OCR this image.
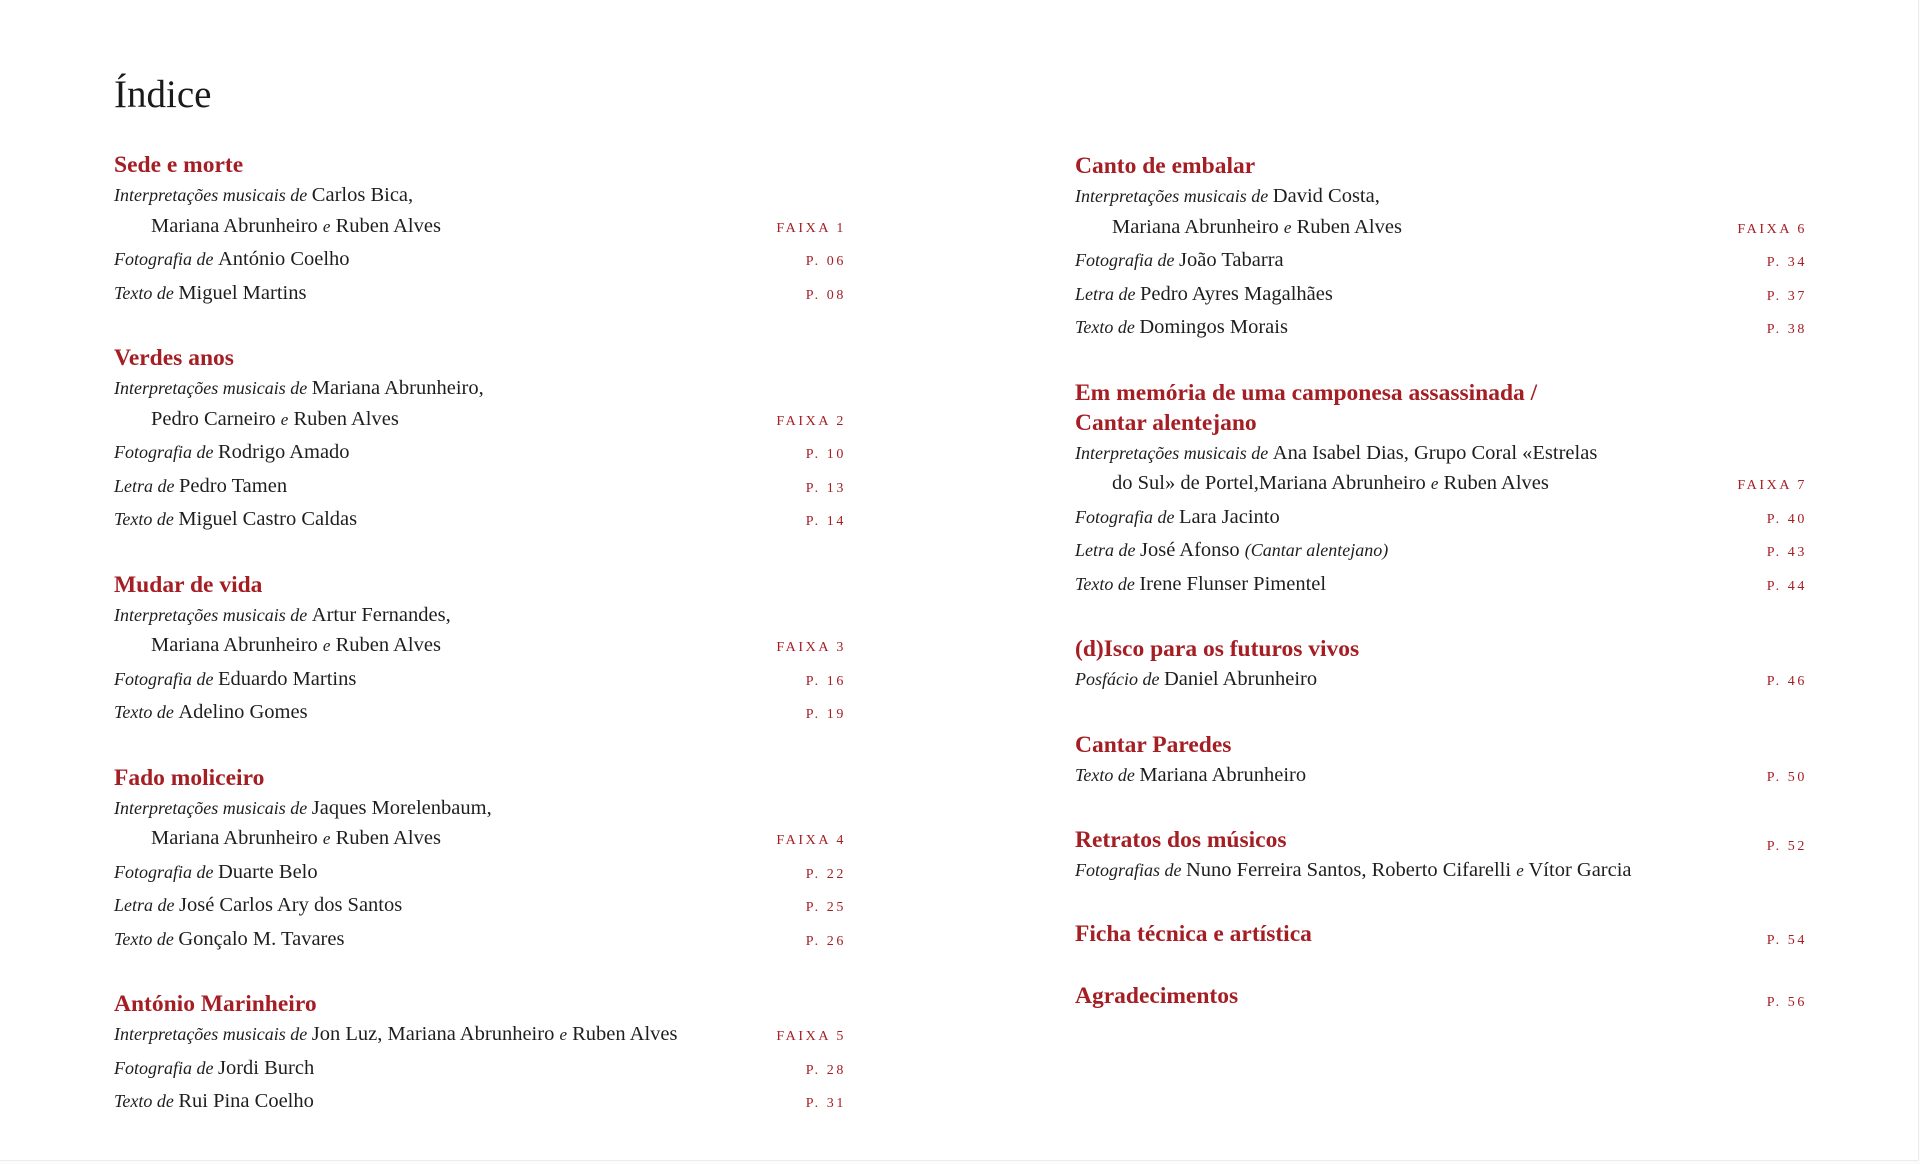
Índice
Sede e morte
Interpretações musicais de Carlos Bica,
Mariana Abrunheiro e Ruben Alves	FAIXA 1
Fotografia de António Coelho	P. 06
Texto de Miguel Martins	P. 08
Verdes anos
Interpretações musicais de Mariana Abrunheiro,
Pedro Carneiro e Ruben Alves	FAIXA 2
Fotografia de Rodrigo Amado	P. 10
Letra de Pedro Tamen	P. 13
Texto de Miguel Castro Caldas	P. 14
Mudar de vida
Interpretações musicais de Artur Fernandes,
Mariana Abrunheiro e Ruben Alves	FAIXA 3
Fotografia de Eduardo Martins	P. 16
Texto de Adelino Gomes	P. 19
Fado moliceiro
Interpretações musicais de Jaques Morelenbaum,
Mariana Abrunheiro e Ruben Alves	FAIXA 4
Fotografia de Duarte Belo	P. 22
Letra de José Carlos Ary dos Santos	P. 25
Texto de Gonçalo M. Tavares	P. 26
António Marinheiro
Interpretações musicais de Jon Luz, Mariana Abrunheiro e Ruben Alves	FAIXA 5
Fotografia de Jordi Burch	P. 28
Texto de Rui Pina Coelho	P. 31
Canto de embalar
Interpretações musicais de David Costa,
Mariana Abrunheiro e Ruben Alves	FAIXA 6
Fotografia de João Tabarra	P. 34
Letra de Pedro Ayres Magalhães	P. 37
Texto de Domingos Morais	P. 38
Em memória de uma camponesa assassinada /
Cantar alentejano
Interpretações musicais de Ana Isabel Dias, Grupo Coral «Estrelas
do Sul» de Portel,Mariana Abrunheiro e Ruben Alves	FAIXA 7
Fotografia de Lara Jacinto	P. 40
Letra de José Afonso (Cantar alentejano)	P. 43
Texto de Irene Flunser Pimentel	P. 44
(d)Isco para os futuros vivos
Posfácio de Daniel Abrunheiro	P. 46
Cantar Paredes
Texto de Mariana Abrunheiro	P. 50
Retratos dos músicos	P. 52
Fotografias de Nuno Ferreira Santos, Roberto Cifarelli e Vítor Garcia
Ficha técnica e artística	P. 54
Agradecimentos	P. 56
